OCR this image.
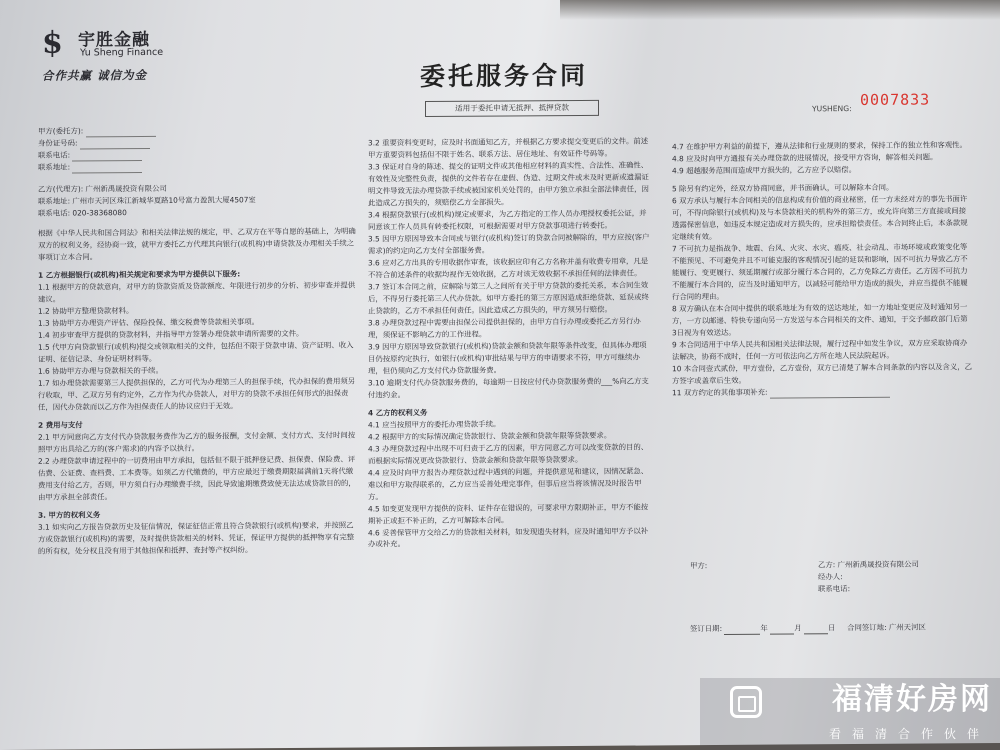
$ 宇胜金融
Yu Sheng Finance
合作共赢 诚信为金	委托服务合同
适用于委托申请无抵押、抵押贷款	YUSHENG: 0007833

甲方(委托方):

身份证号码:

联系电话:

联系地址:

乙方(代理方): 广州新禹晟投资有限公司

联系地址: 广州市天河区珠江新城华夏路10号富力盈凯大厦4507室

联系电话: 020-38368080

根据《中华人民共和国合同法》和相关法律法规的规定，甲、乙双方在平等自愿的基础上，为明确双方的权利义务，经协商一致，就甲方委托乙方代理其向银行(或机构)申请贷款及办理相关手续之事项订立本合同。

1 乙方根据银行(或机构)相关规定和要求为甲方提供以下服务:

1.1 根据甲方的贷款意向，对甲方的贷款资质及贷款额度、年限进行初步的分析、初步审查并提供建议。

1.2 协助甲方整理贷款材料。

1.3 协助甲方办理资产评估、保险投保、缴交税费等贷款相关事项。

1.4 初步审查甲方提供的贷款材料，并指导甲方签署办理贷款申请所需要的文件。

1.5 代甲方向贷款银行(或机构)提交或领取相关的文件，包括但不限于贷款申请、资产证明、收入证明、征信记录、身份证明材料等。

1.6 协助甲方办理与贷款相关的手续。

1.7 如办理贷款需要第三人提供担保的，乙方可代为办理第三人的担保手续，代办担保的费用须另行收取，甲、乙双方另有约定外，乙方作为代办贷款人，对甲方的贷款不承担任何形式的担保责任，因代办贷款而以乙方作为担保责任人的协议应归于无效。

2 费用与支付

2.1 甲方同意向乙方支付代办贷款服务费作为乙方的服务报酬，支付金额、支付方式、支付时间按照甲方出具给乙方的(客户需求)的内容予以执行。

2.2 办理贷款申请过程中的一切费用由甲方承担，包括但不限于抵押登记费、担保费、保险费、评估费、公证费、查档费、工本费等。如须乙方代缴费的，甲方应最迟于缴费期限届满前1天将代缴费用支付给乙方，否则，甲方须自行办理缴费手续，因此导致逾期缴费致使无法达成贷款目的的，由甲方承担全部责任。

3. 甲方的权利义务

3.1 如实向乙方报告贷款历史及征信情况，保证征信正常且符合贷款银行(或机构)要求，并按照乙方或贷款银行(或机构)的需要，及时提供贷款相关的材料、凭证，保证甲方提供的抵押物享有完整的所有权，处分权且没有用于其他担保和抵押、查封等产权纠纷。

3.2 重要资料变更时，应及时书面通知乙方，并根据乙方要求提交变更后的文件。前述甲方重要资料包括但不限于姓名、联系方法、居住地址、有效证件号码等。

3.3 保证对自身的陈述、提交的证明文件或其他相应材料的真实性、合法性、准确性、有效性及完整性负责，提供的文件若存在虚假、伪造、过期文件或未及时更新或遗漏证明文件导致无法办理贷款手续或被国家机关处罚的，由甲方独立承担全部法律责任，因此造成乙方损失的，须赔偿乙方全部损失。

3.4 根据贷款银行(或机构)规定或要求，为乙方指定的工作人员办理授权委托公证，并同意该工作人员具有转委托权限，可根据需要对甲方贷款事项进行转委托。

3.5 因甲方原因导致本合同或与银行(或机构)签订的贷款合同被解除的，甲方应按(客户需求)的约定向乙方支付全部服务费。

3.6 应对乙方出具的专用收据作审查，该收据应印有乙方名称并盖有收费专用章，凡是不符合前述条件的收据均视作无效收据，乙方对该无效收据不承担任何的法律责任。

3.7 签订本合同之前，应解除与第三人之间所有关于甲方贷款的委托关系，本合同生效后，不得另行委托第三人代办贷款。如甲方委托的第三方原因造成拒绝贷款、延误或终止贷款的，乙方不承担任何责任。因此造成乙方损失的，甲方须另行赔偿。

3.8 办理贷款过程中需要由担保公司提供担保的，由甲方自行办理或委托乙方另行办理，须保证不影响乙方的工作进程。

3.9 因甲方原因导致贷款银行(或机构)贷款金额和贷款年限等条件改变，但具体办理项目仍按原约定执行，如银行(或机构)审批结果与甲方的申请要求不符，甲方可继续办理，但仍须向乙方支付代办贷款服务费。

3.10 逾期支付代办贷款服务费的，每逾期一日按应付代办贷款服务费的___%向乙方支付违约金。

4 乙方的权利义务

4.1 应当按照甲方的委托办理贷款手续。

4.2 根据甲方的实际情况确定贷款银行、贷款金额和贷款年限等贷款要求。

4.3 办理贷款过程中出现不可归责于乙方的因素，甲方同意乙方可以改变贷款的目的、而根据实际情况更改贷款银行、贷款金额和贷款年限等贷款要求。

4.4 应及时向甲方报告办理贷款过程中遇到的问题，并提供意见和建议，因情况紧急、难以和甲方取得联系的，乙方应当妥善处理完事件，但事后应当将该情况及时报告甲方。

4.5 如变更发现甲方提供的资料、证件存在错误的，可要求甲方限期补正，甲方不能按期补正或拒不补正的，乙方可解除本合同。

4.6 妥善保管甲方交给乙方的贷款相关材料，如发现遗失材料，应及时通知甲方予以补办或补充。

4.7 在维护甲方利益的前提下，遵从法律和行业规则的要求，保持工作的独立性和客观性。

4.8 应及时向甲方通报有关办理贷款的进展情况，接受甲方咨询，解答相关问题。

4.9 超越服务范围而造成甲方损失的，乙方应予以赔偿。

5 除另有约定外，经双方协商同意，并书面确认，可以解除本合同。

6 双方承认与履行本合同相关的信息构成有价值的商业秘密，任一方未经对方的事先书面许可，不得向除银行(或机构)及与本贷款相关的机构外的第三方，或允许向第三方直接或间接透露保密信息，如违反本规定造成对方损失的，应承担赔偿责任。本合同终止后，本条款规定继续有效。

7 不可抗力是指战争、地震、台风、火灾、水灾、瘟疫、社会动乱、市场环境或政策变化等不能预见、不可避免并且不可能克服的客观情况引起的延误和影响，因不可抗力导致乙方不能履行、变更履行、须延期履行或部分履行本合同的，乙方免除乙方责任。乙方因不可抗力不能履行本合同的，应当及时通知甲方，以减轻可能给甲方造成的损失，并应当提供不能履行合同的理由。

8 双方确认在本合同中提供的联系地址为有效的送达地址，如一方地址变更应及时通知另一方，一方以邮递、特快专递向另一方发送与本合同相关的文件、通知，于交予邮政部门后第3日视为有效送达。

9 本合同适用于中华人民共和国相关法律法规，履行过程中如发生争议，双方应采取协商办法解决，协商不成时，任何一方可依法向乙方所在地人民法院起诉。

10 本合同壹式贰份，甲方壹份，乙方壹份，双方已清楚了解本合同条款的内容以及含义，乙方签字或盖章后生效。

11 双方约定的其他事项补充:

甲方:	乙方: 广州新禹晟投资有限公司

经办人:

联系电话:

签订日期:	年	月	日 合同签订地: 广州天河区

福清好房网
看福清合作伙伴
